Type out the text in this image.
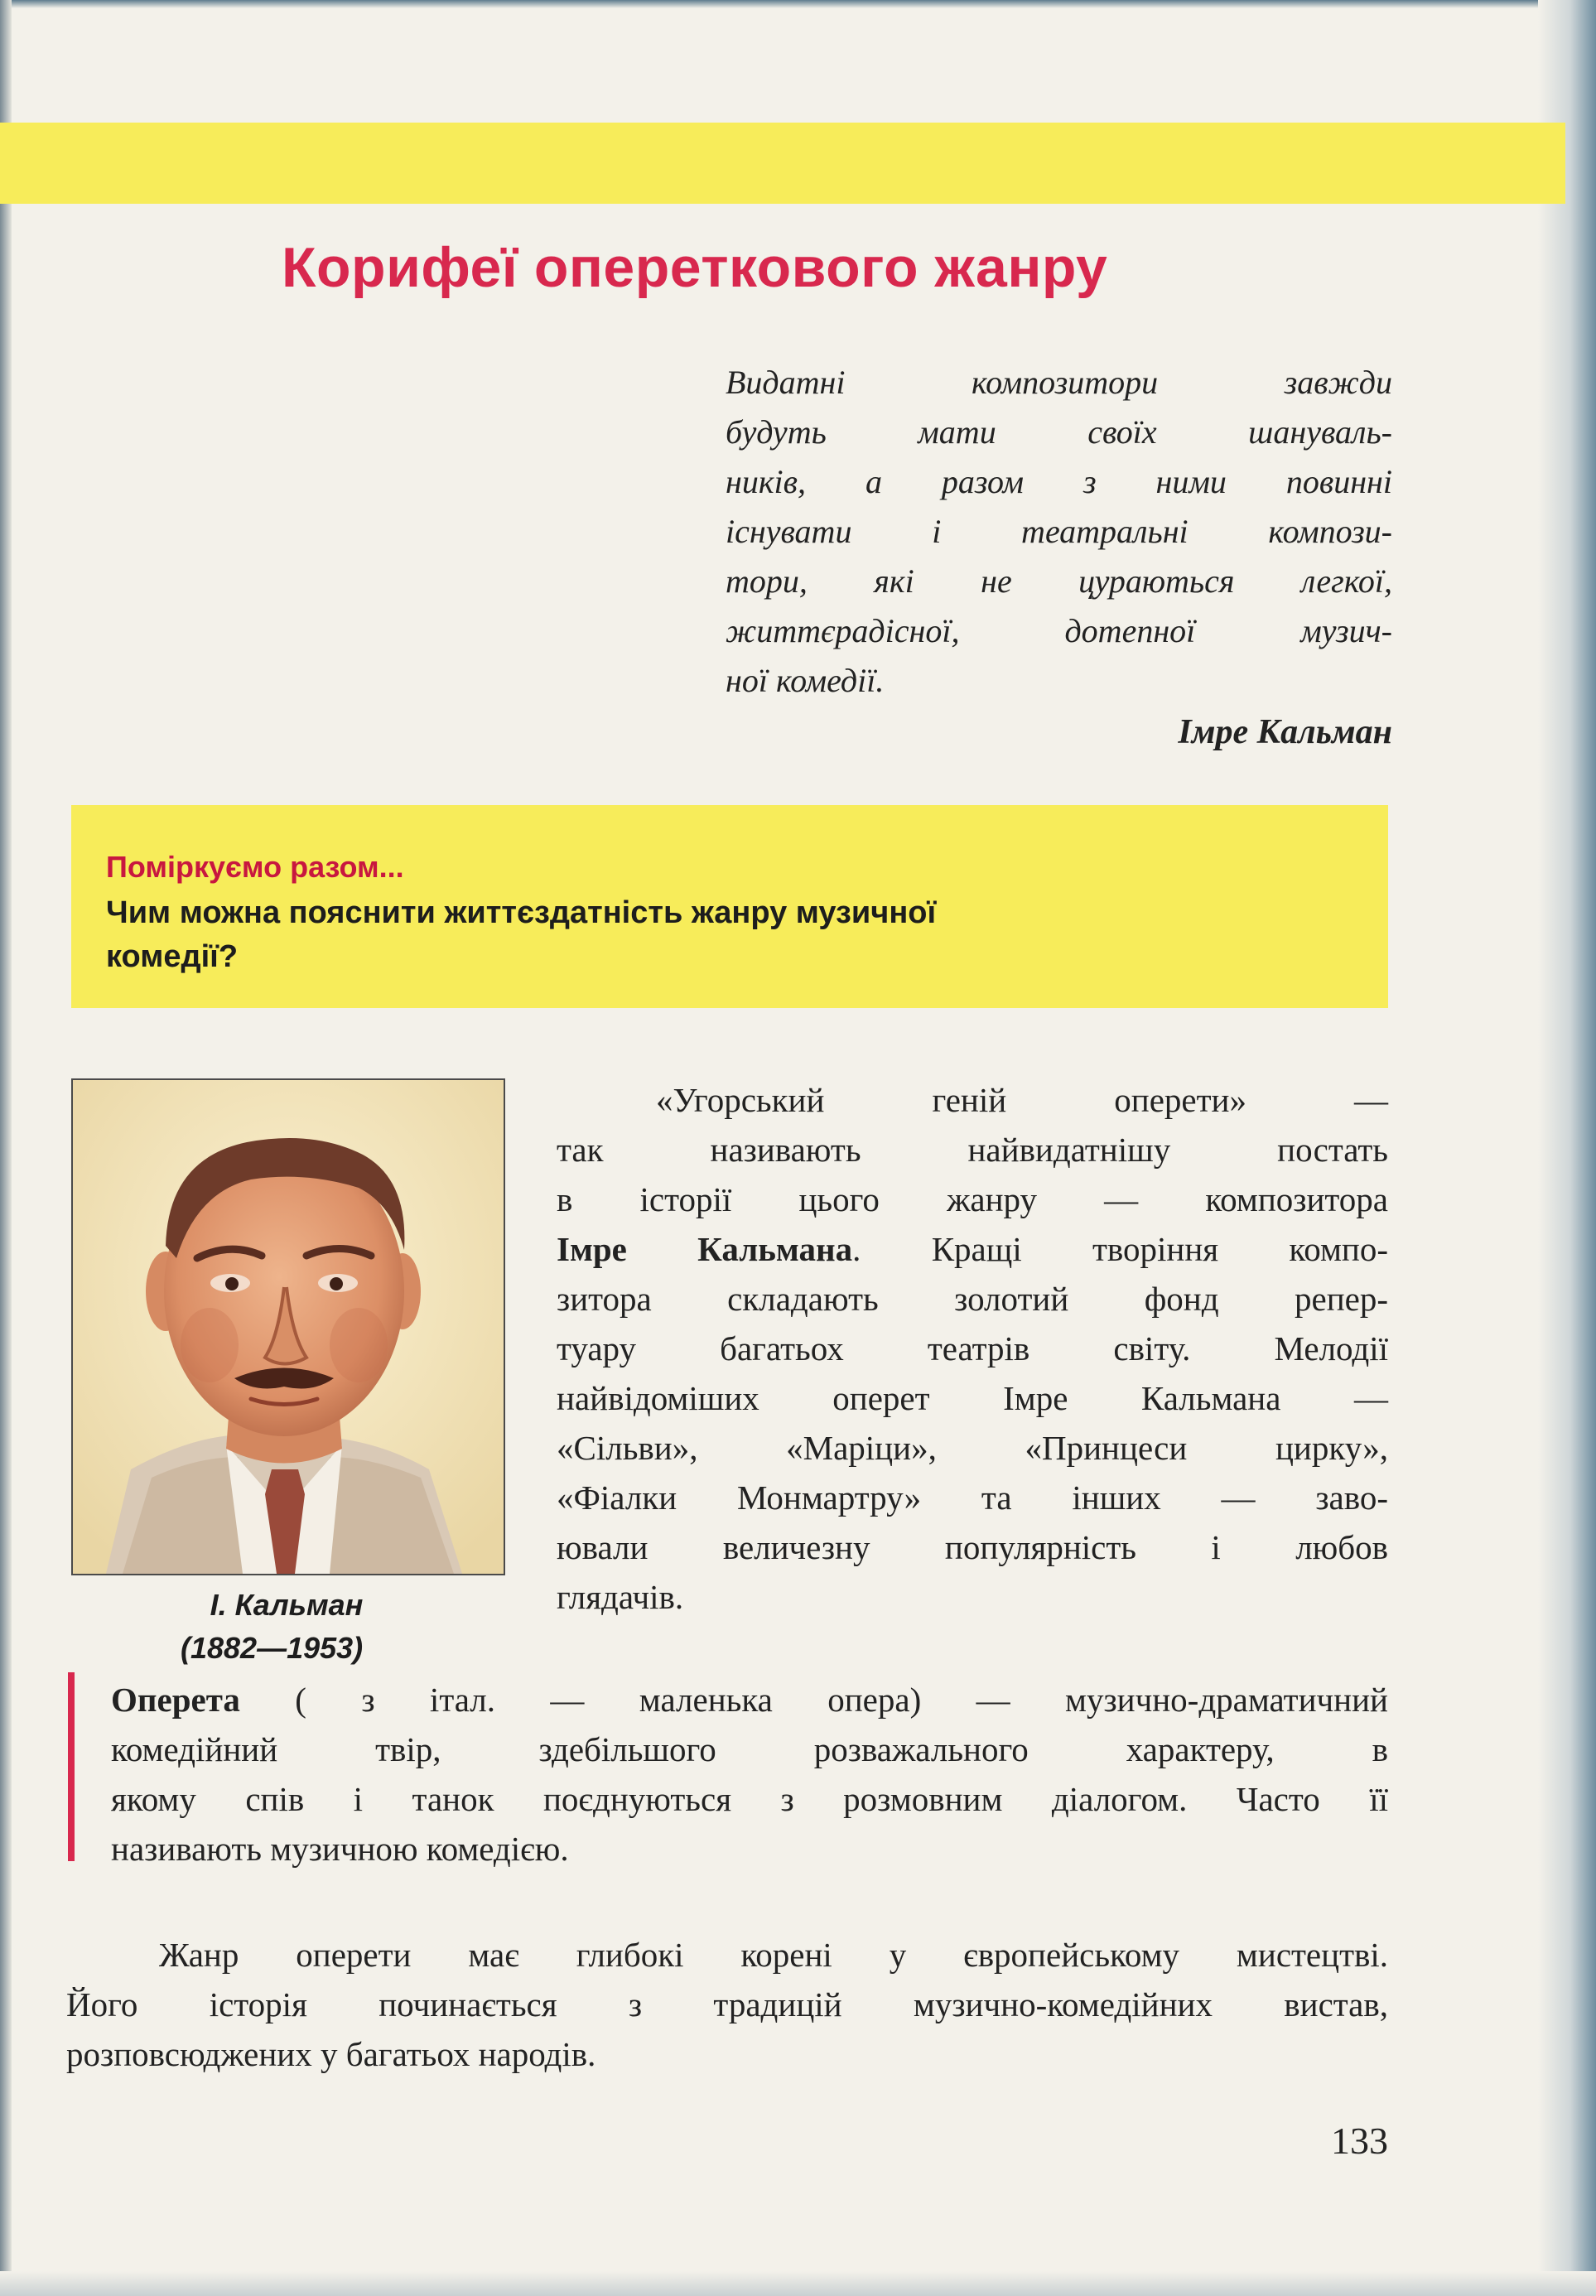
Корифеї опереткового жанру
Видатні композитори завжди
будуть мати своїх шануваль-
ників, а разом з ними повинні
існувати і театральні компози-
тори, які не цураються легкої,
життєрадісної, дотепної музич-
ної комедії.
Імре Кальман
Поміркуємо разом...
Чим можна пояснити життєздатність жанру музичної
комедії?
І. Кальман
(1882—1953)
«Угорський геній оперети» —
так називають найвидатнішу постать
в історії цього жанру — композитора
Імре Кальмана. Кращі творіння компо-
зитора складають золотий фонд репер-
туару багатьох театрів світу. Мелодії
найвідоміших оперет Імре Кальмана —
«Сільви», «Маріци», «Принцеси цирку»,
«Фіалки Монмартру» та інших — заво-
ювали величезну популярність і любов
глядачів.
Оперета ( з італ. — маленька опера) — музично-драматичний
комедійний твір, здебільшого розважального характеру, в
якому спів і танок поєднуються з розмовним діалогом. Часто її
називають музичною комедією.
Жанр оперети має глибокі корені у європейському мистецтві.
Його історія починається з традицій музично-комедійних вистав,
розповсюджених у багатьох народів.
133
